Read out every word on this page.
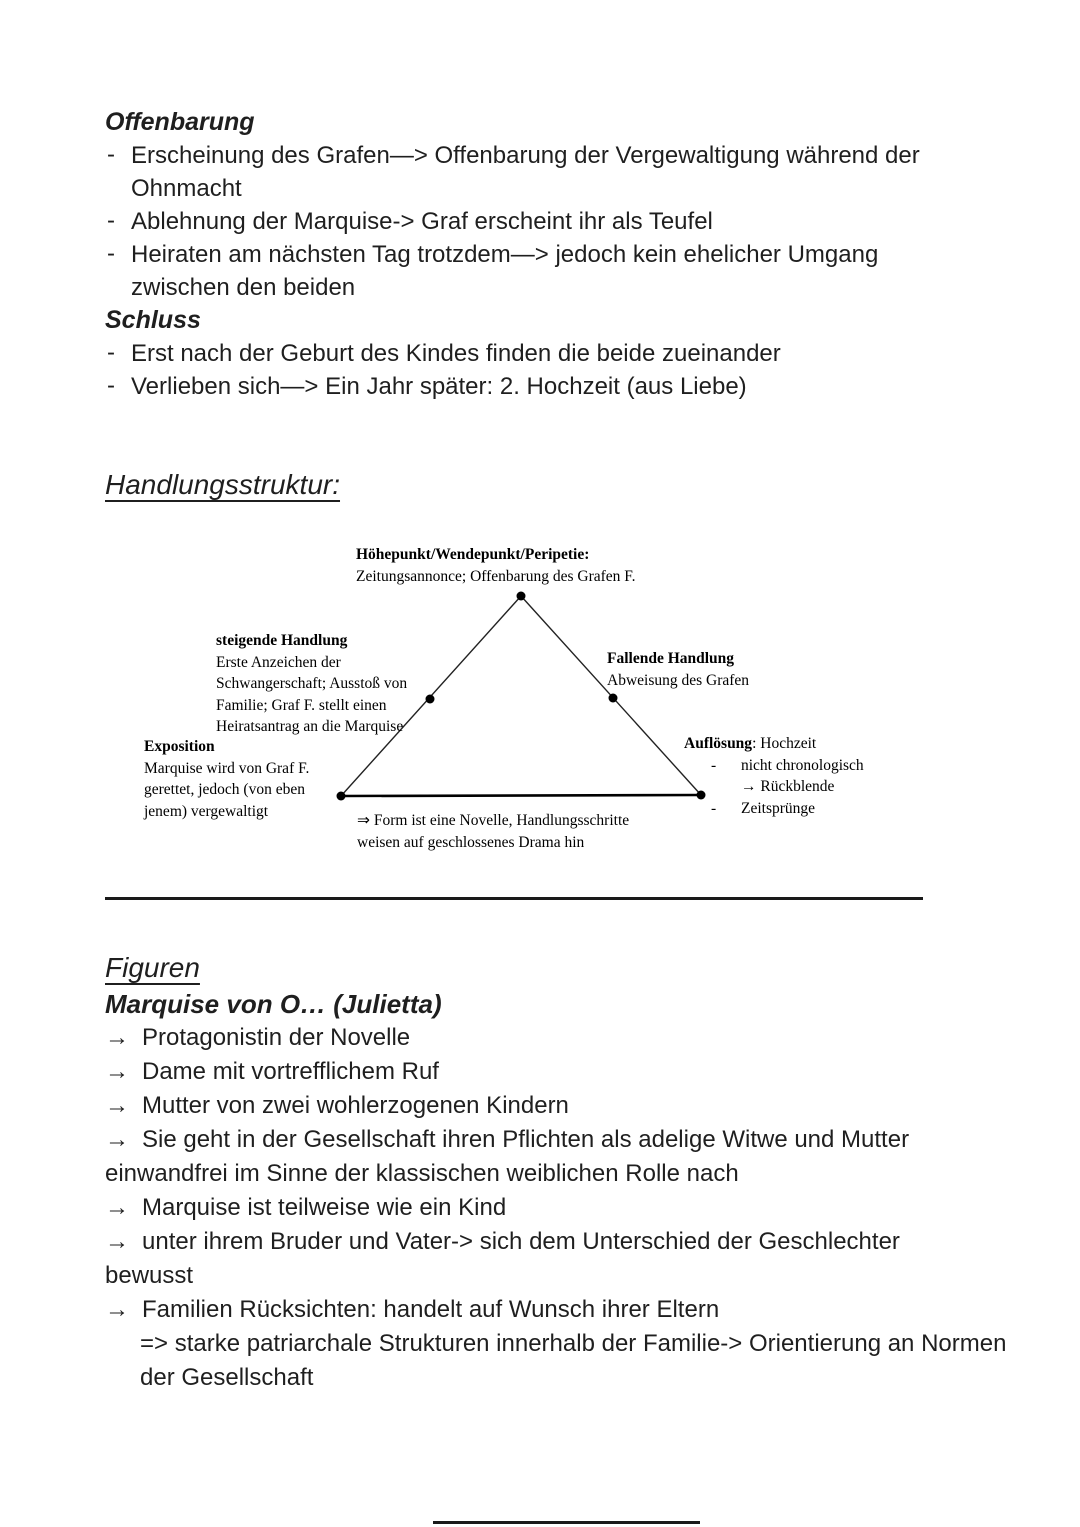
Offenbarung
- Erscheinung des Grafen—> Offenbarung der Vergewaltigung während der Ohnmacht
- Ablehnung der Marquise-> Graf erscheint ihr als Teufel
- Heiraten am nächsten Tag trotzdem—> jedoch kein ehelicher Umgang zwischen den beiden
Schluss
- Erst nach der Geburt des Kindes finden die beide zueinander
- Verlieben sich—> Ein Jahr später: 2. Hochzeit (aus Liebe)
Handlungsstruktur:
Höhepunkt/Wendepunkt/Peripetie:
Zeitungsannonce; Offenbarung des Grafen F.
steigende Handlung
Erste Anzeichen der
Schwangerschaft; Ausstoß von
Familie; Graf F. stellt einen
Heiratsantrag an die Marquise
Fallende Handlung
Abweisung des Grafen
Exposition
Marquise wird von Graf F.
gerettet, jedoch (von eben
jenem) vergewaltigt
Auflösung: Hochzeit
-	nicht chronologisch
→ Rückblende
-	Zeitsprünge
⇒ Form ist eine Novelle, Handlungsschritte
weisen auf geschlossenes Drama hin
Figuren
Marquise von O… (Julietta)
→ Protagonistin der Novelle
→ Dame mit vortrefflichem Ruf
→ Mutter von zwei wohlerzogenen Kindern
→ Sie geht in der Gesellschaft ihren Pflichten als adelige Witwe und Mutter einwandfrei im Sinne der klassischen weiblichen Rolle nach
→ Marquise ist teilweise wie ein Kind
→ unter ihrem Bruder und Vater-> sich dem Unterschied der Geschlechter bewusst
→ Familien Rücksichten: handelt auf Wunsch ihrer Eltern
=> starke patriarchale Strukturen innerhalb der Familie-> Orientierung an Normen der Gesellschaft
